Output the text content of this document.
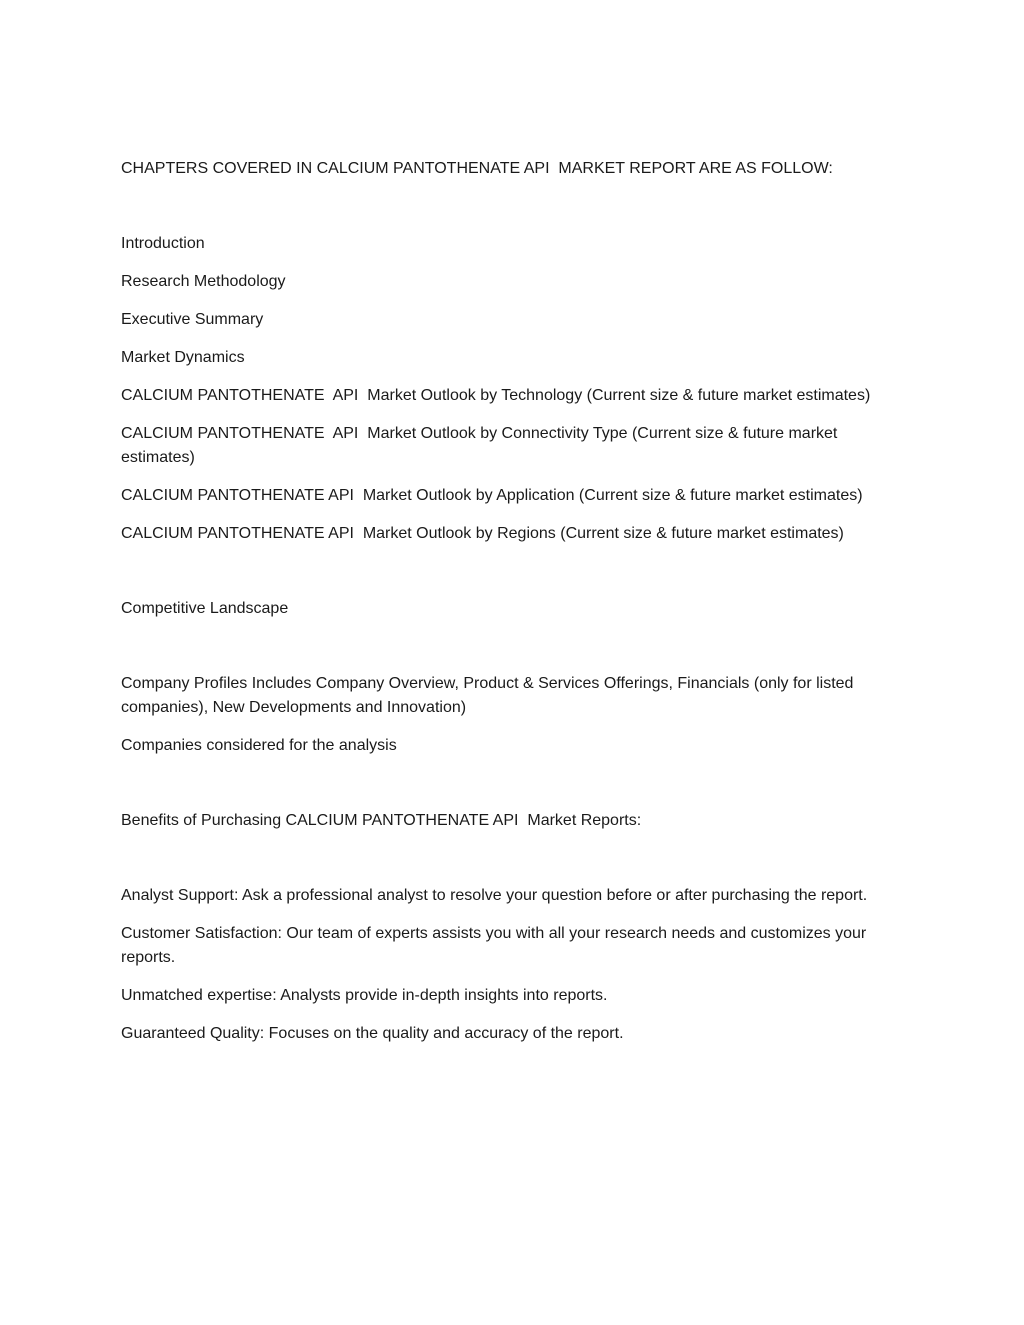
CHAPTERS COVERED IN CALCIUM PANTOTHENATE API  MARKET REPORT ARE AS FOLLOW:

Introduction

Research Methodology

Executive Summary

Market Dynamics

CALCIUM PANTOTHENATE  API  Market Outlook by Technology (Current size & future market estimates)

CALCIUM PANTOTHENATE  API  Market Outlook by Connectivity Type (Current size & future market estimates)

CALCIUM PANTOTHENATE API  Market Outlook by Application (Current size & future market estimates)

CALCIUM PANTOTHENATE API  Market Outlook by Regions (Current size & future market estimates)

Competitive Landscape

Company Profiles Includes Company Overview, Product & Services Offerings, Financials (only for listed companies), New Developments and Innovation)

Companies considered for the analysis

Benefits of Purchasing CALCIUM PANTOTHENATE API  Market Reports:

Analyst Support: Ask a professional analyst to resolve your question before or after purchasing the report.

Customer Satisfaction: Our team of experts assists you with all your research needs and customizes your reports.

Unmatched expertise: Analysts provide in-depth insights into reports.

Guaranteed Quality: Focuses on the quality and accuracy of the report.
